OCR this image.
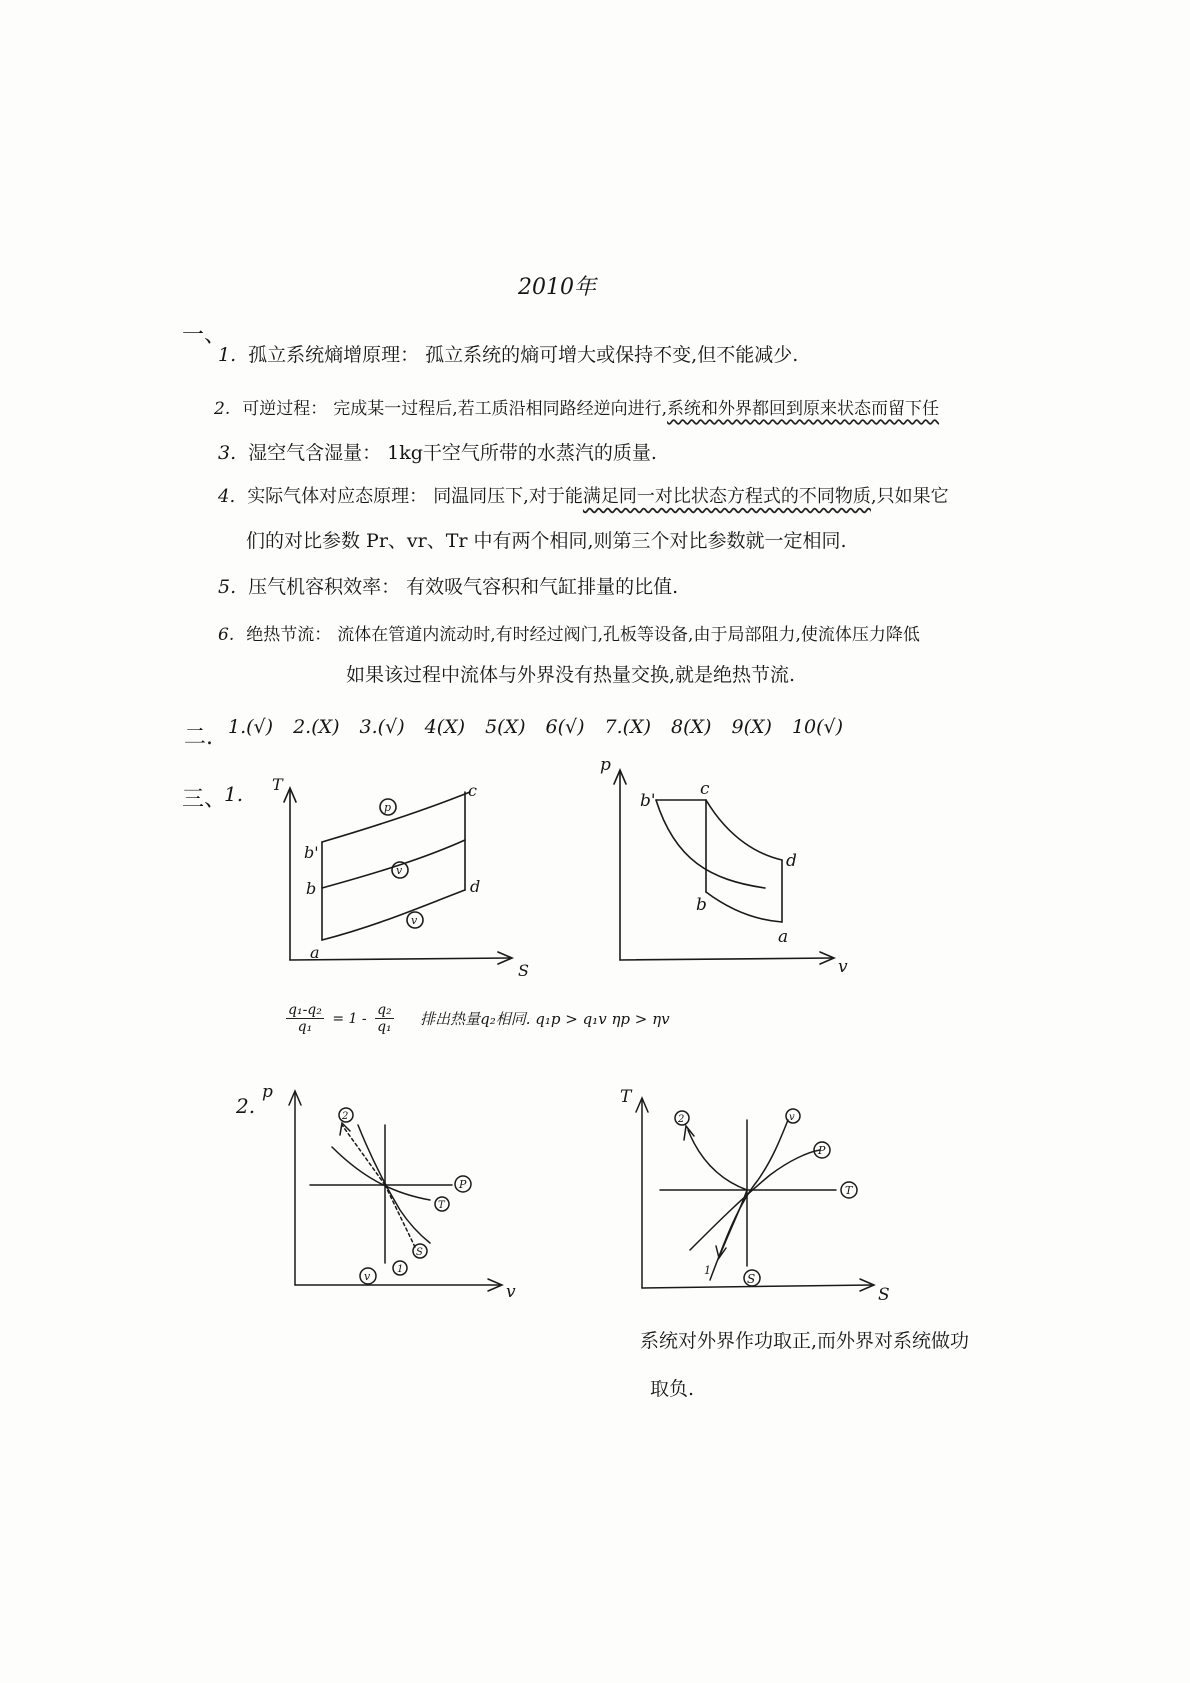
2010年
一、
1. 孤立系统熵增原理： 孤立系统的熵可增大或保持不变,但不能减少.
2. 可逆过程： 完成某一过程后,若工质沿相同路经逆向进行,系统和外界都回到原来状态而留下任
3. 湿空气含湿量： 1kg干空气所带的水蒸汽的质量.
4. 实际气体对应态原理： 同温同压下,对于能满足同一对比状态方程式的不同物质,只如果它
们的对比参数 Pr、vr、Tr 中有两个相同,则第三个对比参数就一定相同.
5. 压气机容积效率： 有效吸气容积和气缸排量的比值.
6. 绝热节流： 流体在管道内流动时,有时经过阀门,孔板等设备,由于局部阻力,使流体压力降低
如果该过程中流体与外界没有热量交换,就是绝热节流.
二. 1.(√) 2.(X) 3.(√) 4(X) 5(X) 6(√) 7.(X) 8(X) 9(X) 10(√)
三、
1. T
S
a
b
b'
c
d
p
v
v
p
v
b'
c
b
d
a
$\frac{\text{q₁-q₂}}{\text{q₁}} = 1 - \frac{\text{q₂}}{\text{q₁}}$ 排出热量q₂相同. q₁p > q₁v ηp > ηv
2.
p
v
2
P
T
S
1
v
T
S
2	v
P
T
1
S
系统对外界作功取正,而外界对系统做功
取负.
